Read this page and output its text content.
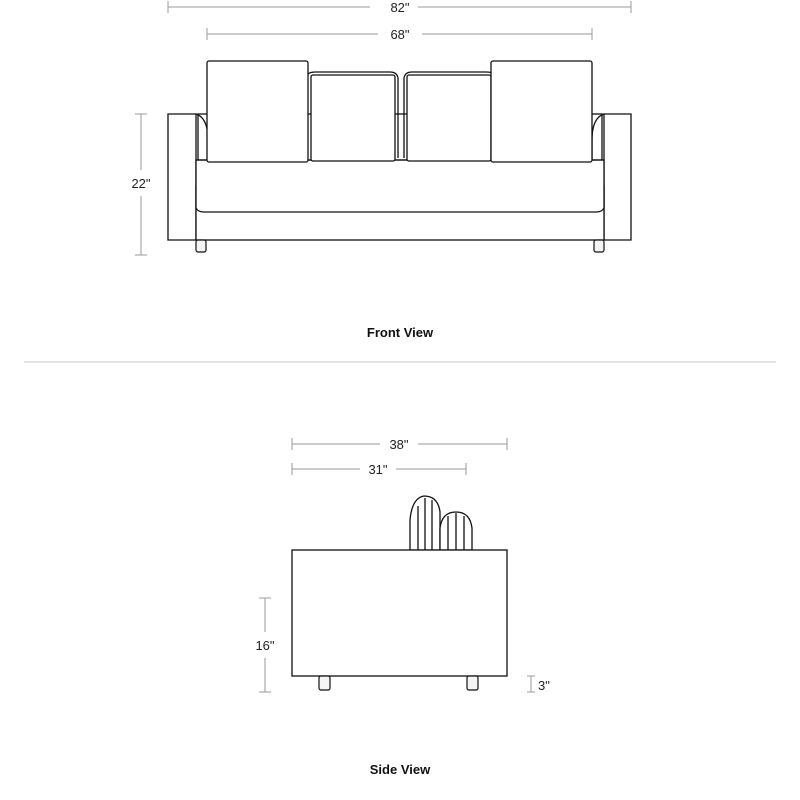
82"
68"
22"
Front View
38"
31"
16"
3"
Side View
